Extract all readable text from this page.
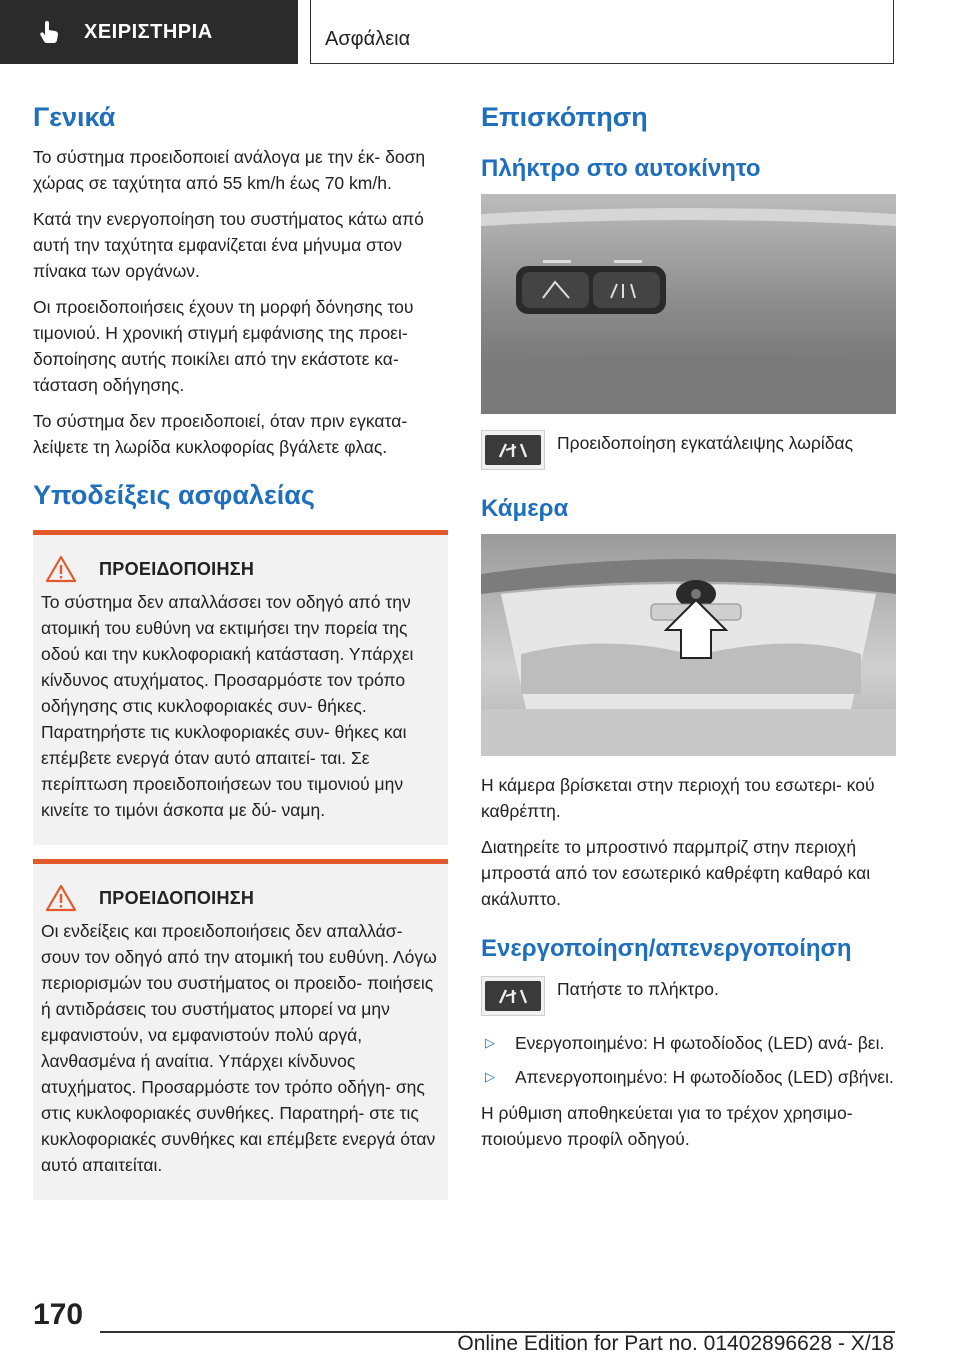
ΧΕΙΡΙΣΤΗΡΙΑ	Ασφάλεια
Γενικά

Το σύστημα προειδοποιεί ανάλογα με την έκ- δοση χώρας σε ταχύτητα από 55 km/h έως 70 km/h.

Κατά την ενεργοποίηση του συστήματος κάτω από αυτή την ταχύτητα εμφανίζεται ένα μήνυμα στον πίνακα των οργάνων.

Οι προειδοποιήσεις έχουν τη μορφή δόνησης του τιμονιού. Η χρονική στιγμή εμφάνισης της προει- δοποίησης αυτής ποικίλει από την εκάστοτε κα- τάσταση οδήγησης.

Το σύστημα δεν προειδοποιεί, όταν πριν εγκατα- λείψετε τη λωρίδα κυκλοφορίας βγάλετε φλας.

Υποδείξεις ασφαλείας
ΠΡΟΕΙΔΟΠΟΙΗΣΗ

Το σύστημα δεν απαλλάσσει τον οδηγό από την ατομική του ευθύνη να εκτιμήσει την πορεία της οδού και την κυκλοφοριακή κατάσταση. Υπάρχει κίνδυνος ατυχήματος. Προσαρμόστε τον τρόπο οδήγησης στις κυκλοφοριακές συν- θήκες. Παρατηρήστε τις κυκλοφοριακές συν- θήκες και επέμβετε ενεργά όταν αυτό απαιτεί- ται. Σε περίπτωση προειδοποιήσεων του τιμονιού μην κινείτε το τιμόνι άσκοπα με δύ- ναμη.

ΠΡΟΕΙΔΟΠΟΙΗΣΗ

Οι ενδείξεις και προειδοποιήσεις δεν απαλλάσ- σουν τον οδηγό από την ατομική του ευθύνη. Λόγω περιορισμών του συστήματος οι προειδο- ποιήσεις ή αντιδράσεις του συστήματος μπορεί να μην εμφανιστούν, να εμφανιστούν πολύ αργά, λανθασμένα ή αναίτια. Υπάρχει κίνδυνος ατυχήματος. Προσαρμόστε τον τρόπο οδήγη- σης στις κυκλοφοριακές συνθήκες. Παρατηρή- στε τις κυκλοφοριακές συνθήκες και επέμβετε ενεργά όταν αυτό απαιτείται.

Επισκόπηση
Πλήκτρο στο αυτοκίνητο

Προειδοποίηση εγκατάλειψης λωρίδας

Κάμερα

Η κάμερα βρίσκεται στην περιοχή του εσωτερι- κού καθρέπτη.

Διατηρείτε το μπροστινό παρμπρίζ στην περιοχή μπροστά από τον εσωτερικό καθρέφτη καθαρό και ακάλυπτο.

Ενεργοποίηση/απενεργοποίηση

Πατήστε το πλήκτρο.

▷	Ενεργοποιημένο: Η φωτοδίοδος (LED) ανά- βει.
▷	Απενεργοποιημένο: Η φωτοδίοδος (LED) σβήνει.

Η ρύθμιση αποθηκεύεται για το τρέχον χρησιμο- ποιούμενο προφίλ οδηγού.

170
Online Edition for Part no. 01402896628 - X/18
